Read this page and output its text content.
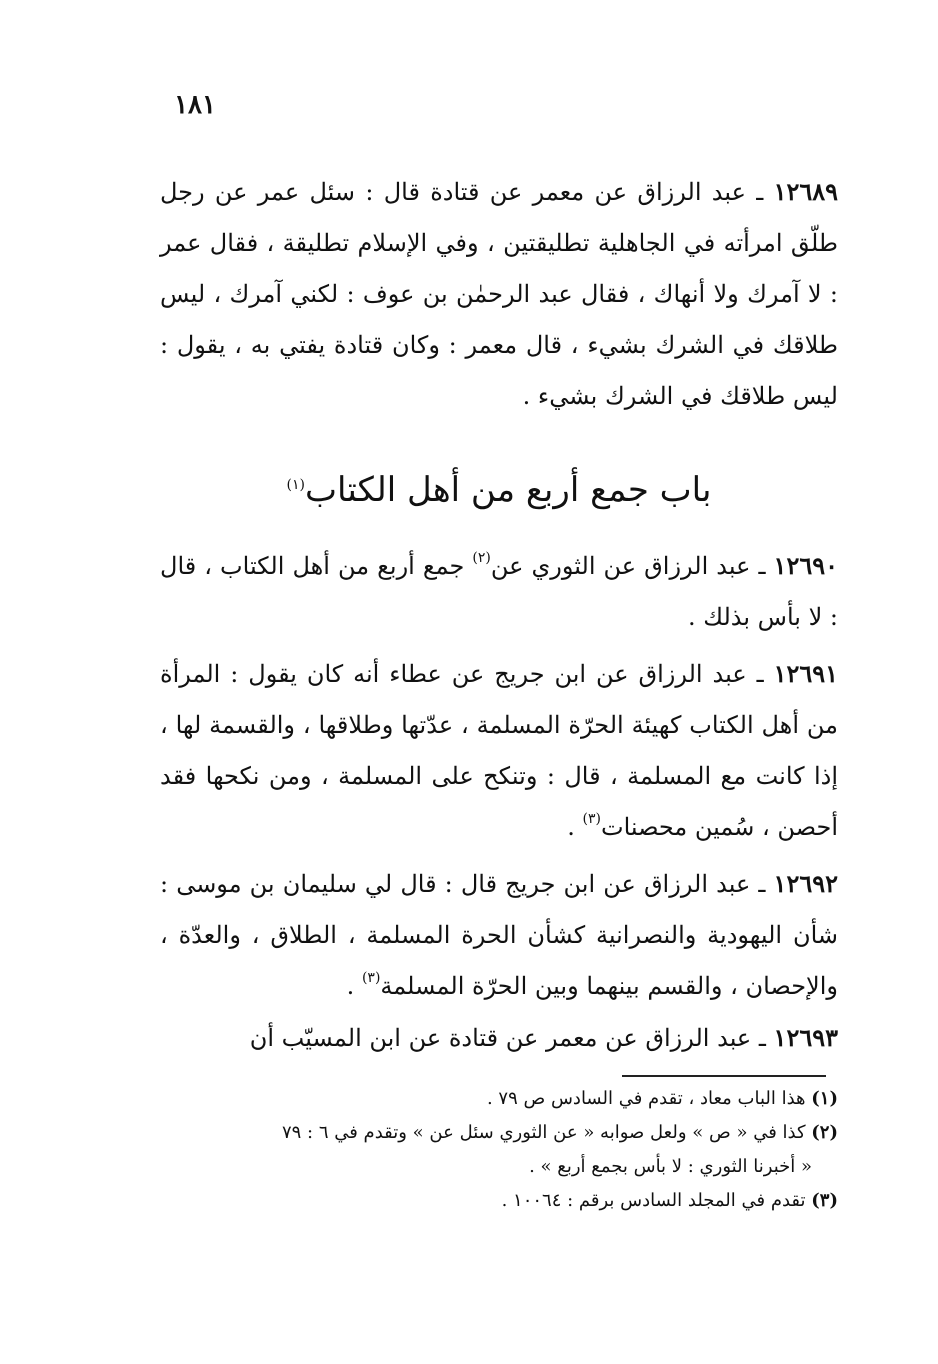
١٨١

١٢٦٨٩ ـ عبد الرزاق عن معمر عن قتادة قال : سئل عمر عن رجل طلّق امرأته في الجاهلية تطليقتين ، وفي الإسلام تطليقة ، فقال عمر : لا آمرك ولا أنهاك ، فقال عبد الرحمٰن بن عوف : لكني آمرك ، ليس طلاقك في الشرك بشيء ، قال معمر : وكان قتادة يفتي به ، يقول : ليس طلاقك في الشرك بشيء .

باب جمع أربع من أهل الكتاب$^{(١)}$

١٢٦٩٠ ـ عبد الرزاق عن الثوري عن$^{(٢)}$ جمع أربع من أهل الكتاب ، قال : لا بأس بذلك .

١٢٦٩١ ـ عبد الرزاق عن ابن جريج عن عطاء أنه كان يقول : المرأة من أهل الكتاب كهيئة الحرّة المسلمة ، عدّتها وطلاقها ، والقسمة لها ، إذا كانت مع المسلمة ، قال : وتنكح على المسلمة ، ومن نكحها فقد أحصن ، سُمين محصنات$^{(٣)}$ .

١٢٦٩٢ ـ عبد الرزاق عن ابن جريج قال : قال لي سليمان بن موسى : شأن اليهودية والنصرانية كشأن الحرة المسلمة ، الطلاق ، والعدّة ، والإحصان ، والقسم بينهما وبين الحرّة المسلمة$^{(٣)}$ .

١٢٦٩٣ ـ عبد الرزاق عن معمر عن قتادة عن ابن المسيّب أن

(١) هذا الباب معاد ، تقدم في السادس ص ٧٩ .
(٢) كذا في « ص » ولعل صوابه « عن الثوري سئل عن » وتقدم في ٦ : ٧٩
« أخبرنا الثوري : لا بأس بجمع أربع » .
(٣) تقدم في المجلد السادس برقم : ١٠٠٦٤ .
